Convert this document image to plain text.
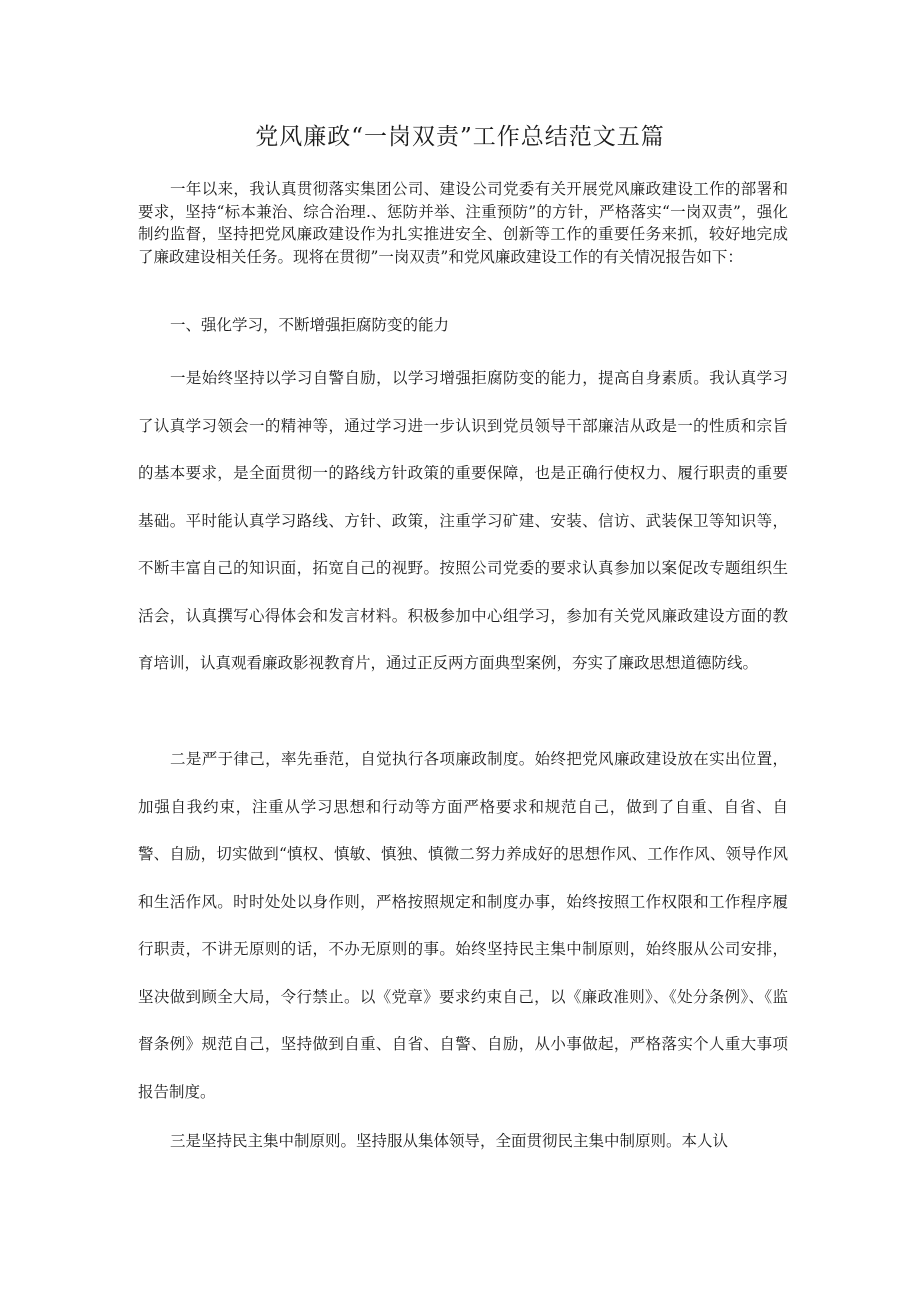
党风廉政“一岗双责”工作总结范文五篇

一年以来，我认真贯彻落实集团公司、建设公司党委有关开展党风廉政建设工作的部署和要求，坚持“标本兼治、综合治理.、惩防并举、注重预防”的方针，严格落实“一岗双责”，强化制约监督，坚持把党风廉政建设作为扎实推进安全、创新等工作的重要任务来抓，较好地完成了廉政建设相关任务。现将在贯彻”一岗双责”和党风廉政建设工作的有关情况报告如下：

一、强化学习，不断增强拒腐防变的能力

一是始终坚持以学习自警自励，以学习增强拒腐防变的能力，提高自身素质。我认真学习了认真学习领会一的精神等，通过学习进一步认识到党员领导干部廉洁从政是一的性质和宗旨的基本要求，是全面贯彻一的路线方针政策的重要保障，也是正确行使权力、履行职责的重要基础。平时能认真学习路线、方针、政策，注重学习矿建、安装、信访、武装保卫等知识等，不断丰富自己的知识面，拓宽自己的视野。按照公司党委的要求认真参加以案促改专题组织生活会，认真撰写心得体会和发言材料。积极参加中心组学习，参加有关党风廉政建设方面的教育培训，认真观看廉政影视教育片，通过正反两方面典型案例，夯实了廉政思想道德防线。

二是严于律己，率先垂范，自觉执行各项廉政制度。始终把党风廉政建设放在实出位置，加强自我约束，注重从学习思想和行动等方面严格要求和规范自己，做到了自重、自省、自警、自励，切实做到“慎权、慎敏、慎独、慎微二努力养成好的思想作风、工作作风、领导作风和生活作风。时时处处以身作则，严格按照规定和制度办事，始终按照工作权限和工作程序履行职责，不讲无原则的话，不办无原则的事。始终坚持民主集中制原则，始终服从公司安排，坚决做到顾全大局，令行禁止。以《党章》要求约束自己，以《廉政准则》、《处分条例》、《监督条例》规范自己，坚持做到自重、自省、自警、自励，从小事做起，严格落实个人重大事项报告制度。

三是坚持民主集中制原则。坚持服从集体领导，全面贯彻民主集中制原则。本人认
